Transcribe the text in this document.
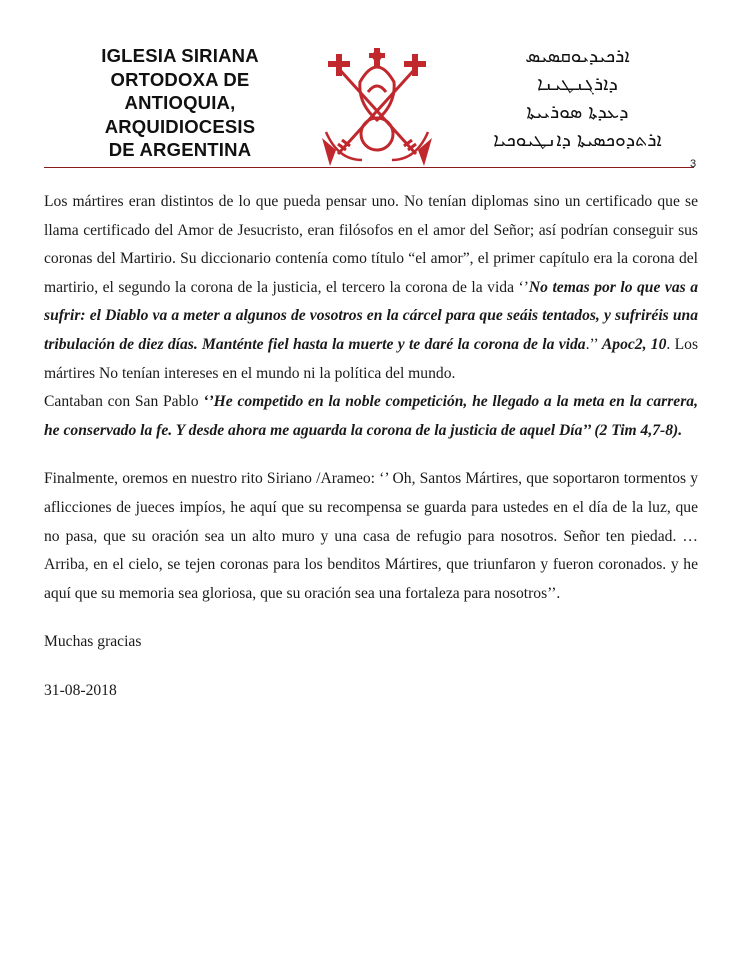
IGLESIA SIRIANA
ORTODOXA DE
ANTIOQUIA,
ARQUIDIOCESIS
DE ARGENTINA
ܐܪܟܝܕܝܘܩܣܝܣ
ܕܐܪܓܢܛܝܢܐ
ܕܥܕܬܐ ܣܘܪܝܝܬܐ
ܐܪܬܕܘܟܣܝܬܐ ܕܐܢܛܝܘܟܝܐ
3

Los mártires eran distintos de lo que pueda pensar uno. No tenían diplomas sino un certificado que se llama certificado del Amor de Jesucristo, eran filósofos en el amor del Señor; así podrían conseguir sus coronas del Martirio. Su diccionario contenía como título “el amor”, el primer capítulo era la corona del martirio, el segundo la corona de la justicia, el tercero la corona de la vida ‘’No temas por lo que vas a sufrir: el Diablo va a meter a algunos de vosotros en la cárcel para que seáis tentados, y sufriréis una tribulación de diez días. Manténte fiel hasta la muerte y te daré la corona de la vida.’’ Apoc2, 10. Los mártires No tenían intereses en el mundo ni la política del mundo.

Cantaban con San Pablo ‘’He competido en la noble competición, he llegado a la meta en la carrera, he conservado la fe. Y desde ahora me aguarda la corona de la justicia de aquel Día’’ (2 Tim 4,7-8).

Finalmente, oremos en nuestro rito Siriano /Arameo: ‘’ Oh, Santos Mártires, que soportaron tormentos y aflicciones de jueces impíos, he aquí que su recompensa se guarda para ustedes en el día de la luz, que no pasa, que su oración sea un alto muro y una casa de refugio para nosotros. Señor ten piedad. …Arriba, en el cielo, se tejen coronas para los benditos Mártires, que triunfaron y fueron coronados. y he aquí que su memoria sea gloriosa, que su oración sea una fortaleza para nosotros’’.

Muchas gracias

31-08-2018
